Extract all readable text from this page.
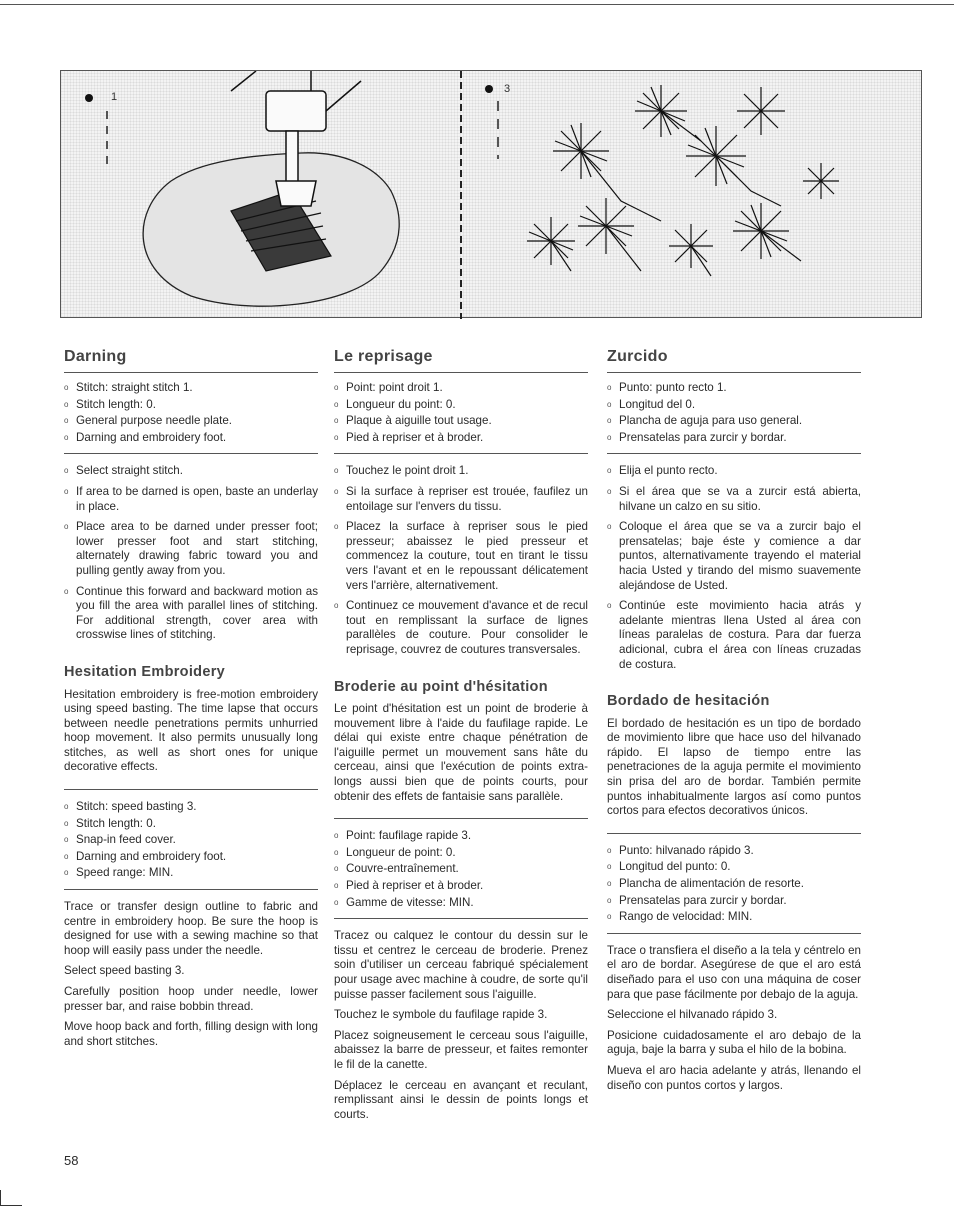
1
3
Darning
o Stitch: straight stitch 1.
o Stitch length: 0.
o General purpose needle plate.
o Darning and embroidery foot.
o Select straight stitch.
o If area to be darned is open, baste an underlay in place.
o Place area to be darned under presser foot; lower presser foot and start stitching, alternately drawing fabric toward you and pulling gently away from you.
o Continue this forward and backward motion as you fill the area with parallel lines of stitching. For additional strength, cover area with crosswise lines of stitching.
Hesitation Embroidery

Hesitation embroidery is free-motion embroidery using speed basting. The time lapse that occurs between needle penetrations permits unhurried hoop movement. It also permits unusually long stitches, as well as short ones for unique decorative effects.

o Stitch: speed basting 3.
o Stitch length: 0.
o Snap-in feed cover.
o Darning and embroidery foot.
o Speed range: MIN.

Trace or transfer design outline to fabric and centre in embroidery hoop. Be sure the hoop is designed for use with a sewing machine so that hoop will easily pass under the needle.

Select speed basting 3.

Carefully position hoop under needle, lower presser bar, and raise bobbin thread.

Move hoop back and forth, filling design with long and short stitches.

Le reprisage
o Point: point droit 1.
o Longueur du point: 0.
o Plaque à aiguille tout usage.
o Pied à repriser et à broder.
o Touchez le point droit 1.
o Si la surface à repriser est trouée, faufilez un entoilage sur l'envers du tissu.
o Placez la surface à repriser sous le pied presseur; abaissez le pied presseur et commencez la couture, tout en tirant le tissu vers l'avant et en le repoussant délicatement vers l'arrière, alternativement.
o Continuez ce mouvement d'avance et de recul tout en remplissant la surface de lignes parallèles de couture. Pour consolider le reprisage, couvrez de coutures transversales.
Broderie au point d'hésitation

Le point d'hésitation est un point de broderie à mouvement libre à l'aide du faufilage rapide. Le délai qui existe entre chaque pénétration de l'aiguille permet un mouvement sans hâte du cerceau, ainsi que l'exécution de points extra-longs aussi bien que de points courts, pour obtenir des effets de fantaisie sans parallèle.

o Point: faufilage rapide 3.
o Longueur de point: 0.
o Couvre-entraînement.
o Pied à repriser et à broder.
o Gamme de vitesse: MIN.

Tracez ou calquez le contour du dessin sur le tissu et centrez le cerceau de broderie. Prenez soin d'utiliser un cerceau fabriqué spécialement pour usage avec machine à coudre, de sorte qu'il puisse passer facilement sous l'aiguille.

Touchez le symbole du faufilage rapide 3.

Placez soigneusement le cerceau sous l'aiguille, abaissez la barre de presseur, et faites remonter le fil de la canette.

Déplacez le cerceau en avançant et reculant, remplissant ainsi le dessin de points longs et courts.

Zurcido
o Punto: punto recto 1.
o Longitud del 0.
o Plancha de aguja para uso general.
o Prensatelas para zurcir y bordar.
o Elija el punto recto.
o Si el área que se va a zurcir está abierta, hilvane un calzo en su sitio.
o Coloque el área que se va a zurcir bajo el prensatelas; baje éste y comience a dar puntos, alternativamente trayendo el material hacia Usted y tirando del mismo suavemente alejándose de Usted.
o Continúe este movimiento hacia atrás y adelante mientras llena Usted al área con líneas paralelas de costura. Para dar fuerza adicional, cubra el área con líneas cruzadas de costura.
Bordado de hesitación

El bordado de hesitación es un tipo de bordado de movimiento libre que hace uso del hilvanado rápido. El lapso de tiempo entre las penetraciones de la aguja permite el movimiento sin prisa del aro de bordar. También permite puntos inhabitualmente largos así como puntos cortos para efectos decorativos únicos.

o Punto: hilvanado rápido 3.
o Longitud del punto: 0.
o Plancha de alimentación de resorte.
o Prensatelas para zurcir y bordar.
o Rango de velocidad: MIN.

Trace o transfiera el diseño a la tela y céntrelo en el aro de bordar. Asegúrese de que el aro está diseñado para el uso con una máquina de coser para que pase fácilmente por debajo de la aguja.

Seleccione el hilvanado rápido 3.

Posicione cuidadosamente el aro debajo de la aguja, baje la barra y suba el hilo de la bobina.

Mueva el aro hacia adelante y atrás, llenando el diseño con puntos cortos y largos.

58
